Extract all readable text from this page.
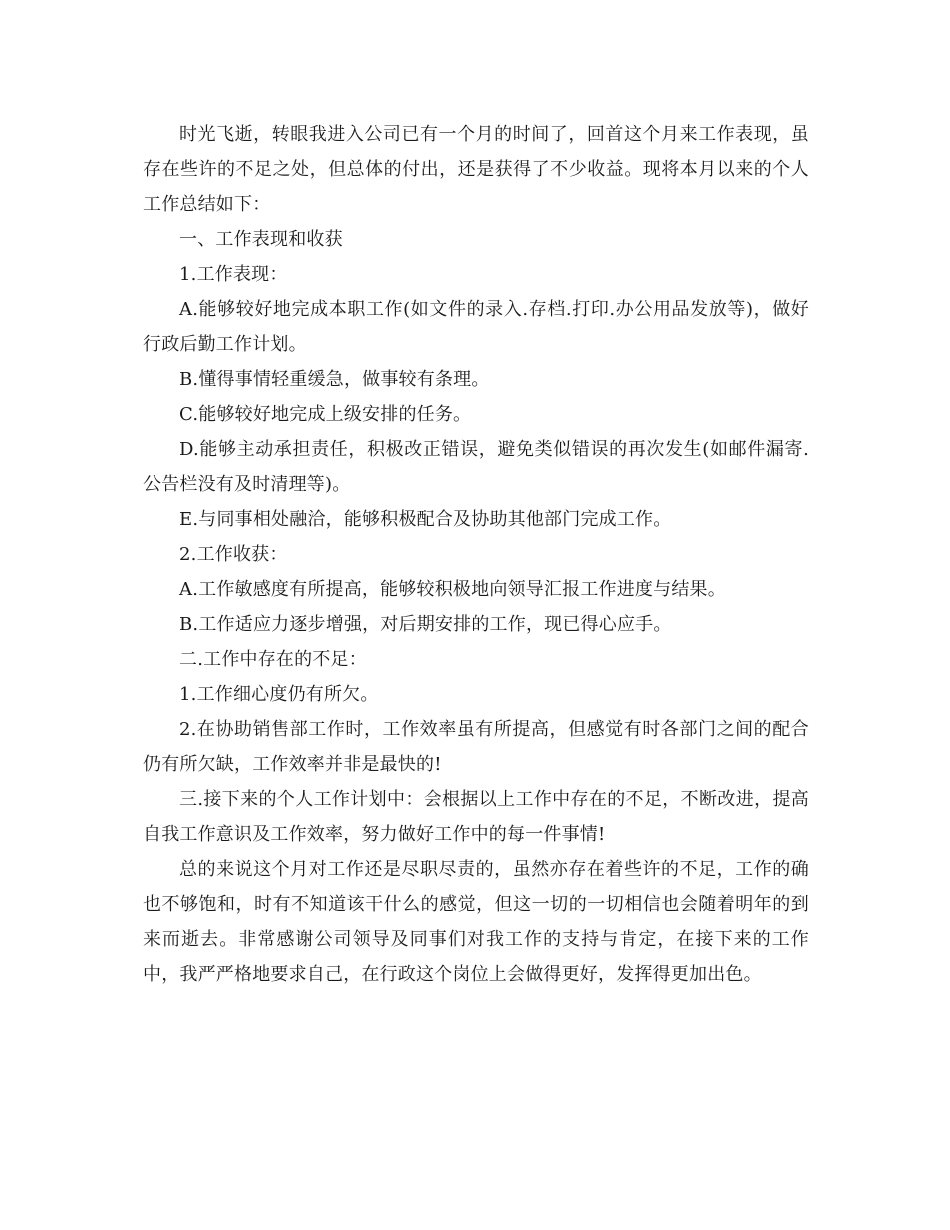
时光飞逝，转眼我进入公司已有一个月的时间了，回首这个月来工作表现，虽存在些许的不足之处，但总体的付出，还是获得了不少收益。现将本月以来的个人工作总结如下：

一、工作表现和收获

1.工作表现：

A.能够较好地完成本职工作(如文件的录入.存档.打印.办公用品发放等)，做好行政后勤工作计划。

B.懂得事情轻重缓急，做事较有条理。

C.能够较好地完成上级安排的任务。

D.能够主动承担责任，积极改正错误，避免类似错误的再次发生(如邮件漏寄.公告栏没有及时清理等)。

E.与同事相处融洽，能够积极配合及协助其他部门完成工作。

2.工作收获：

A.工作敏感度有所提高，能够较积极地向领导汇报工作进度与结果。

B.工作适应力逐步增强，对后期安排的工作，现已得心应手。

二.工作中存在的不足：

1.工作细心度仍有所欠。

2.在协助销售部工作时，工作效率虽有所提高，但感觉有时各部门之间的配合仍有所欠缺，工作效率并非是最快的!

三.接下来的个人工作计划中：会根据以上工作中存在的不足，不断改进，提高自我工作意识及工作效率，努力做好工作中的每一件事情!

总的来说这个月对工作还是尽职尽责的，虽然亦存在着些许的不足，工作的确也不够饱和，时有不知道该干什么的感觉，但这一切的一切相信也会随着明年的到来而逝去。非常感谢公司领导及同事们对我工作的支持与肯定，在接下来的工作中，我严严格地要求自己，在行政这个岗位上会做得更好，发挥得更加出色。
